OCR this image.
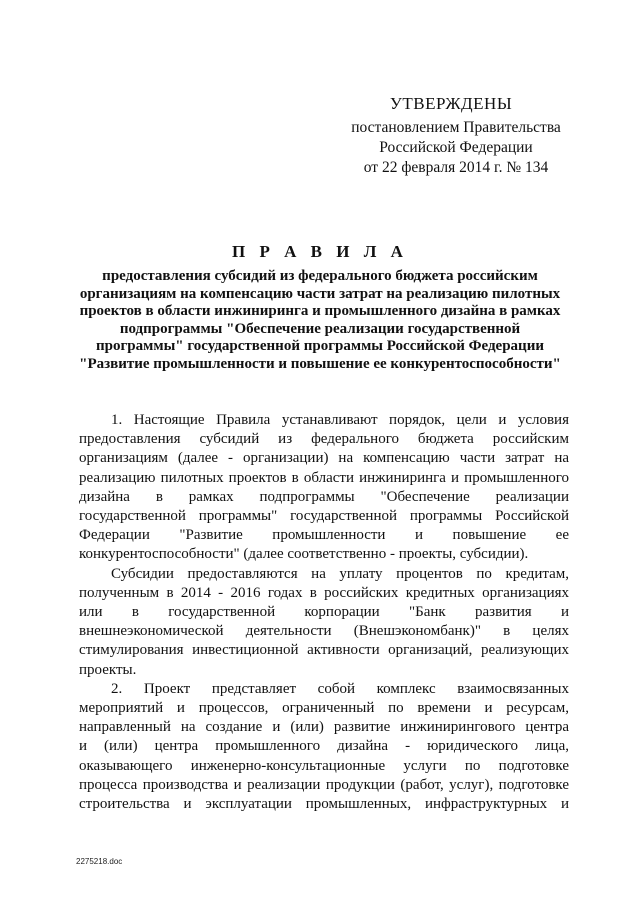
УТВЕРЖДЕНЫ
постановлением Правительства
Российской Федерации
от 22 февраля 2014 г. № 134
П Р А В И Л А
предоставления субсидий из федерального бюджета российским
организациям на компенсацию части затрат на реализацию пилотных
проектов в области инжиниринга и промышленного дизайна в рамках
подпрограммы "Обеспечение реализации государственной
программы" государственной программы Российской Федерации
"Развитие промышленности и повышение ее конкурентоспособности"

1. Настоящие Правила устанавливают порядок, цели и условия
предоставления субсидий из федерального бюджета российским
организациям (далее - организации) на компенсацию части затрат на
реализацию пилотных проектов в области инжиниринга и промышленного
дизайна в рамках подпрограммы "Обеспечение реализации
государственной программы" государственной программы Российской
Федерации "Развитие промышленности и повышение ее
конкурентоспособности" (далее соответственно - проекты, субсидии).

Субсидии предоставляются на уплату процентов по кредитам,
полученным в 2014 - 2016 годах в российских кредитных организациях
или в государственной корпорации "Банк развития и
внешнеэкономической деятельности (Внешэкономбанк)" в целях
стимулирования инвестиционной активности организаций, реализующих
проекты.

2. Проект представляет собой комплекс взаимосвязанных
мероприятий и процессов, ограниченный по времени и ресурсам,
направленный на создание и (или) развитие инжинирингового центра
и (или) центра промышленного дизайна - юридического лица,
оказывающего инженерно-консультационные услуги по подготовке
процесса производства и реализации продукции (работ, услуг), подготовке
строительства и эксплуатации промышленных, инфраструктурных и

2275218.doc
